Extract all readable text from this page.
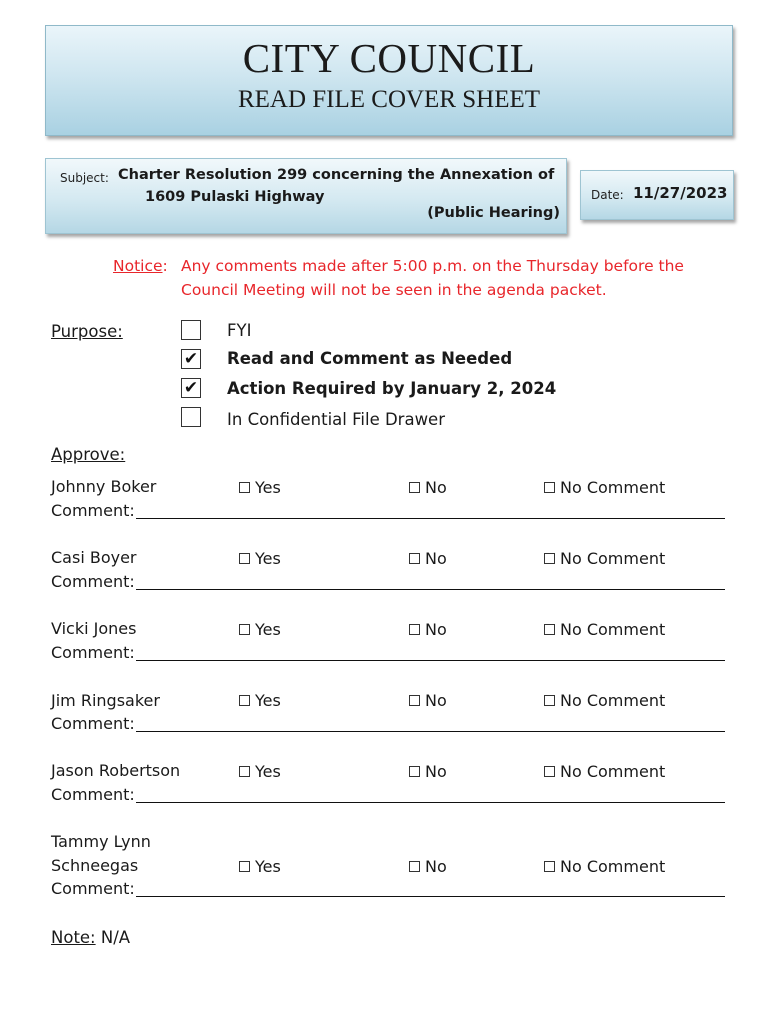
CITY COUNCIL
READ FILE COVER SHEET
Subject: Charter Resolution 299 concerning the Annexation of
1609 Pulaski Highway
(Public Hearing)
Date: 11/27/2023
Notice: Any comments made after 5:00 p.m. on the Thursday before the
Council Meeting will not be seen in the agenda packet.
Purpose:	FYI
✔ Read and Comment as Needed
✔ Action Required by January 2, 2024
In Confidential File Drawer
Approve:
Johnny Boker	Yes	No	No Comment
Comment:
Casi Boyer	Yes	No	No Comment
Comment:
Vicki Jones	Yes	No	No Comment
Comment:
Jim Ringsaker	Yes	No	No Comment
Comment:
Jason Robertson	Yes	No	No Comment
Comment:
Tammy Lynn
Schneegas	Yes	No	No Comment
Comment:
Note: N/A
